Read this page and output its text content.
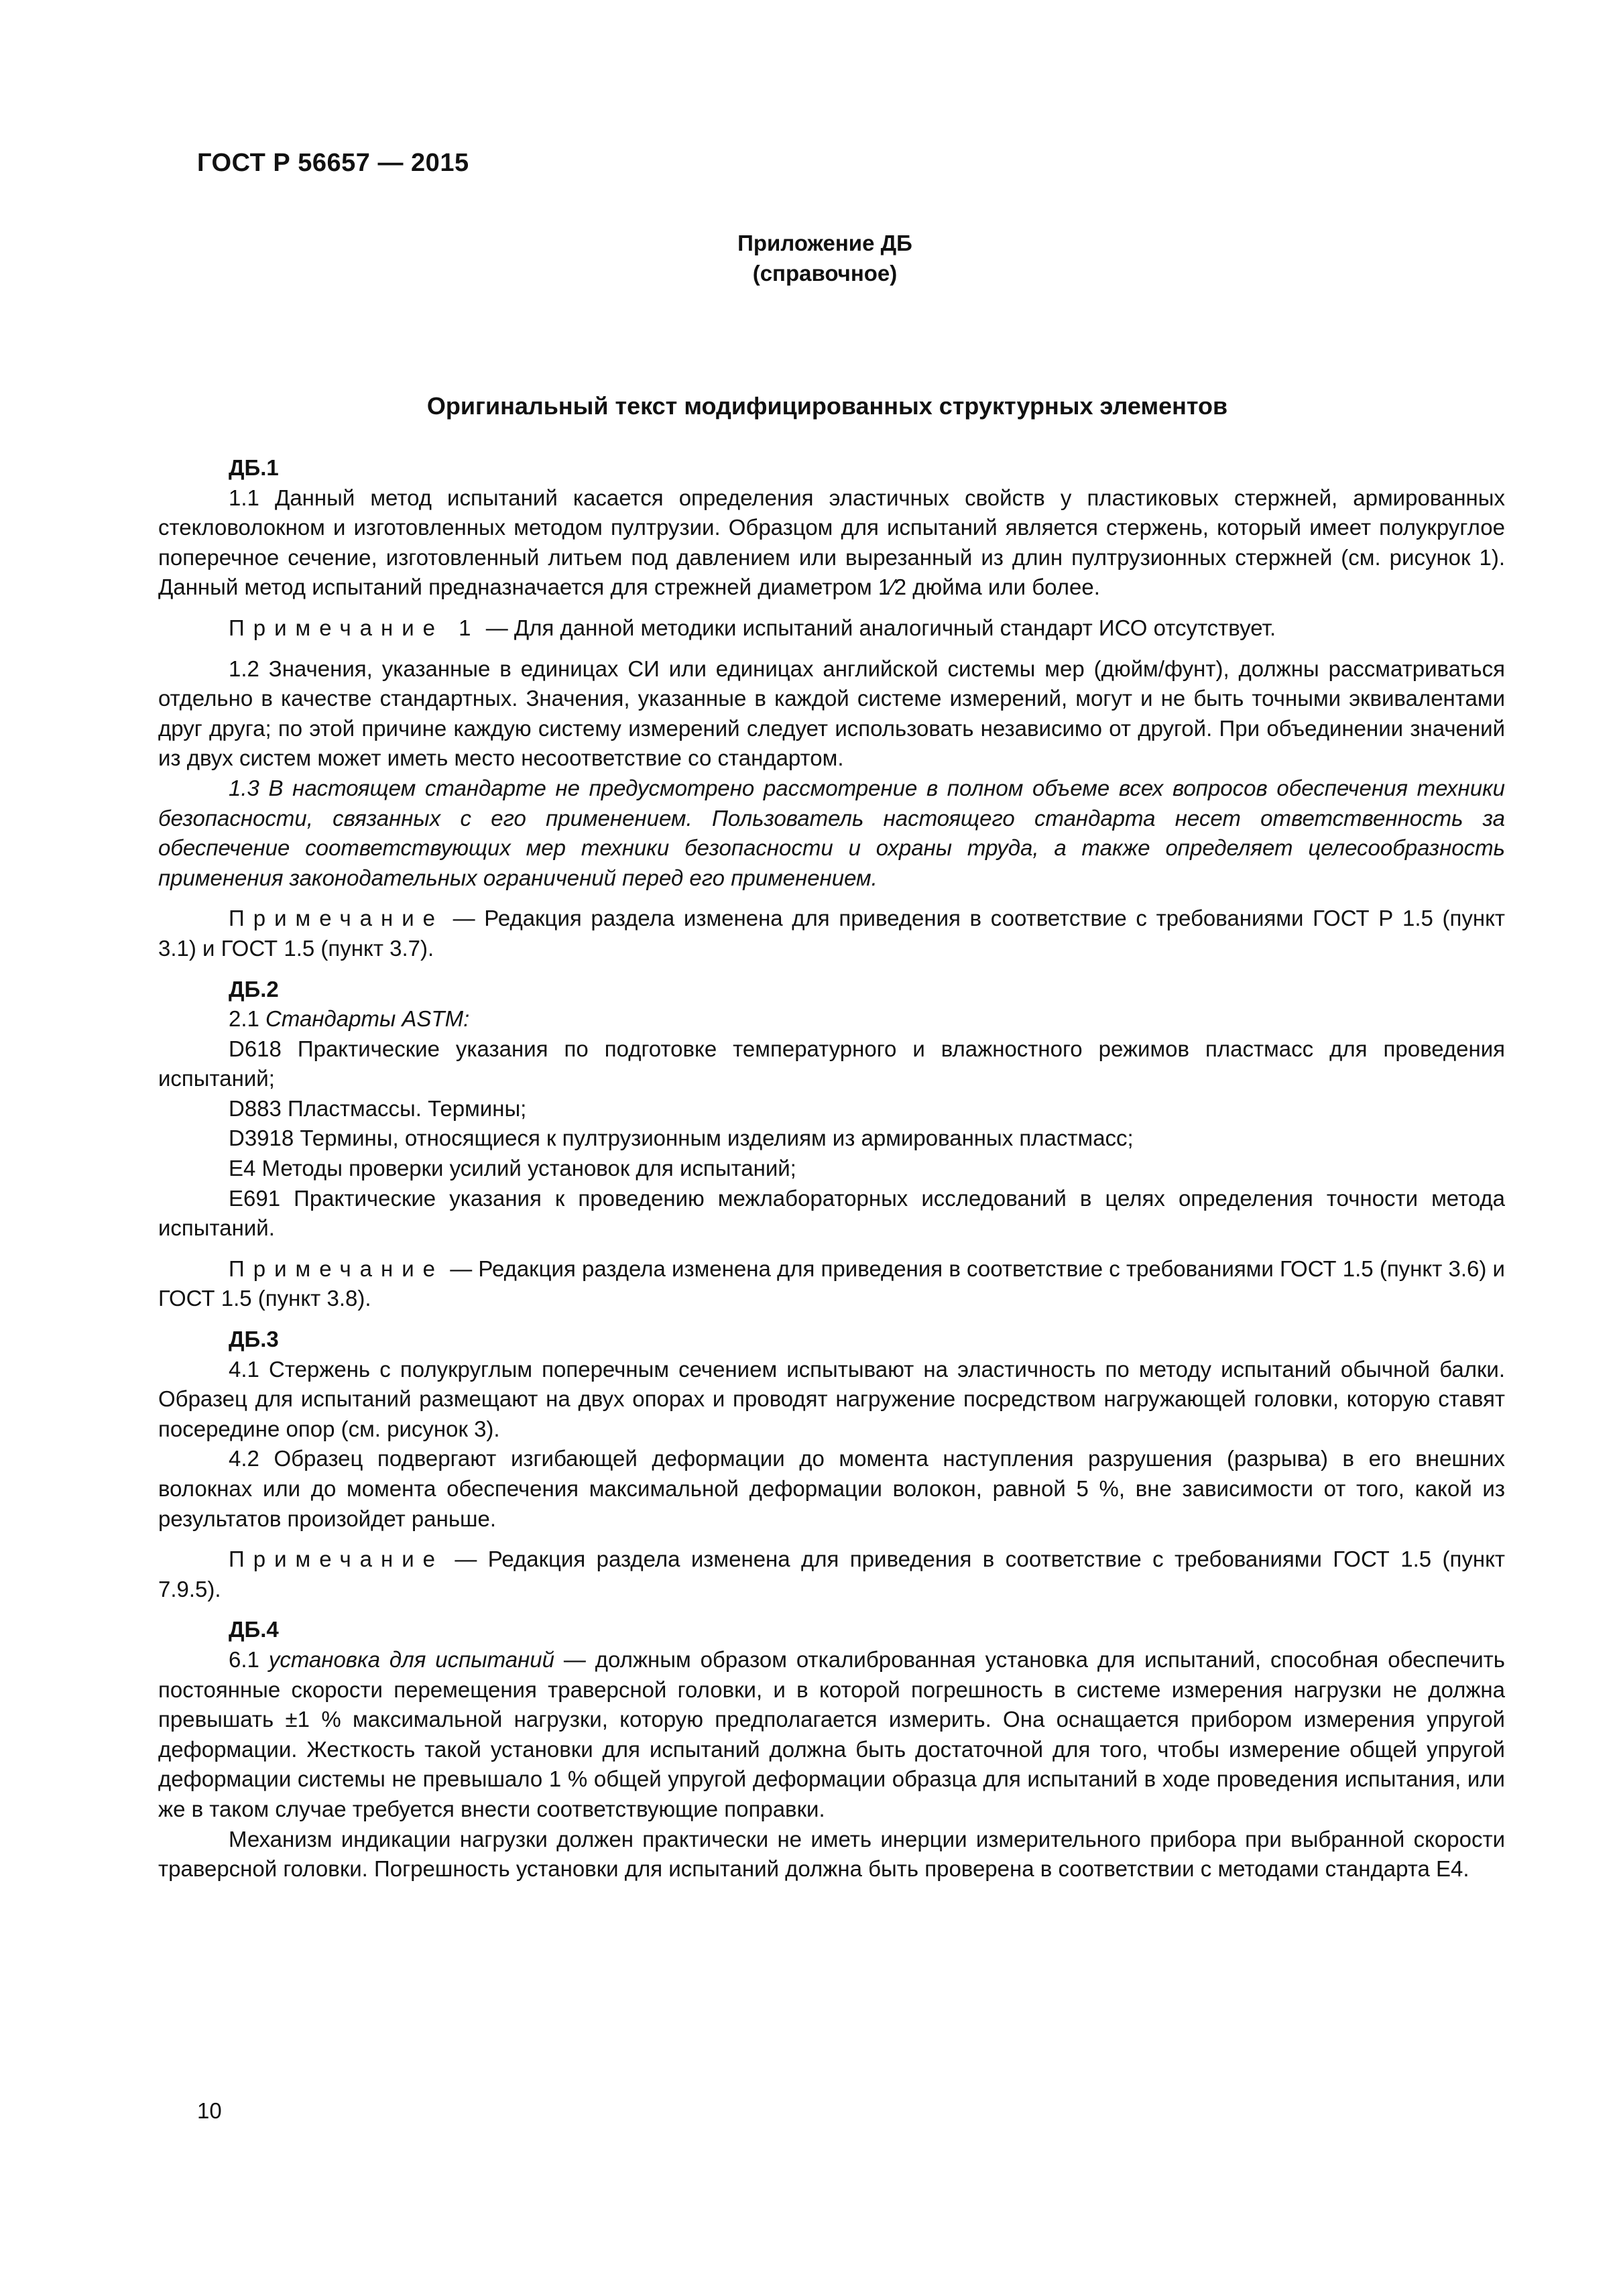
ГОСТ Р 56657 — 2015
Приложение ДБ
(справочное)
Оригинальный текст модифицированных структурных элементов

ДБ.1

1.1 Данный метод испытаний касается определения эластичных свойств у пластиковых стержней, армированных стекловолокном и изготовленных методом пултрузии. Образцом для испытаний является стержень, который имеет полукруглое поперечное сечение, изготовленный литьем под давлением или вырезанный из длин пултрузионных стержней (см. рисунок 1). Данный метод испытаний предназначается для стрежней диаметром 1⁄2 дюйма или более.

Примечание 1 — Для данной методики испытаний аналогичный стандарт ИСО отсутствует.

1.2 Значения, указанные в единицах СИ или единицах английской системы мер (дюйм/фунт), должны рассматриваться отдельно в качестве стандартных. Значения, указанные в каждой системе измерений, могут и не быть точными эквивалентами друг друга; по этой причине каждую систему измерений следует использовать независимо от другой. При объединении значений из двух систем может иметь место несоответствие со стандартом.

1.3 В настоящем стандарте не предусмотрено рассмотрение в полном объеме всех вопросов обеспечения техники безопасности, связанных с его применением. Пользователь настоящего стандарта несет ответственность за обеспечение соответствующих мер техники безопасности и охраны труда, а также определяет целесообразность применения законодательных ограничений перед его применением.

Примечание — Редакция раздела изменена для приведения в соответствие с требованиями ГОСТ Р 1.5 (пункт 3.1) и ГОСТ 1.5 (пункт 3.7).

ДБ.2

2.1 Стандарты ASTM:

D618 Практические указания по подготовке температурного и влажностного режимов пластмасс для проведения испытаний;

D883 Пластмассы. Термины;

D3918 Термины, относящиеся к пултрузионным изделиям из армированных пластмасс;

E4 Методы проверки усилий установок для испытаний;

E691 Практические указания к проведению межлабораторных исследований в целях определения точности метода испытаний.

Примечание — Редакция раздела изменена для приведения в соответствие с требованиями ГОСТ 1.5 (пункт 3.6) и ГОСТ 1.5 (пункт 3.8).

ДБ.3

4.1 Стержень с полукруглым поперечным сечением испытывают на эластичность по методу испытаний обычной балки. Образец для испытаний размещают на двух опорах и проводят нагружение посредством нагружающей головки, которую ставят посередине опор (см. рисунок 3).

4.2 Образец подвергают изгибающей деформации до момента наступления разрушения (разрыва) в его внешних волокнах или до момента обеспечения максимальной деформации волокон, равной 5 %, вне зависимости от того, какой из результатов произойдет раньше.

Примечание — Редакция раздела изменена для приведения в соответствие с требованиями ГОСТ 1.5 (пункт 7.9.5).

ДБ.4

6.1 установка для испытаний — должным образом откалиброванная установка для испытаний, способная обеспечить постоянные скорости перемещения траверсной головки, и в которой погрешность в системе измерения нагрузки не должна превышать ±1 % максимальной нагрузки, которую предполагается измерить. Она оснащается прибором измерения упругой деформации. Жесткость такой установки для испытаний должна быть достаточной для того, чтобы измерение общей упругой деформации системы не превышало 1 % общей упругой деформации образца для испытаний в ходе проведения испытания, или же в таком случае требуется внести соответствующие поправки.

Механизм индикации нагрузки должен практически не иметь инерции измерительного прибора при выбранной скорости траверсной головки. Погрешность установки для испытаний должна быть проверена в соответствии с методами стандарта E4.

10
